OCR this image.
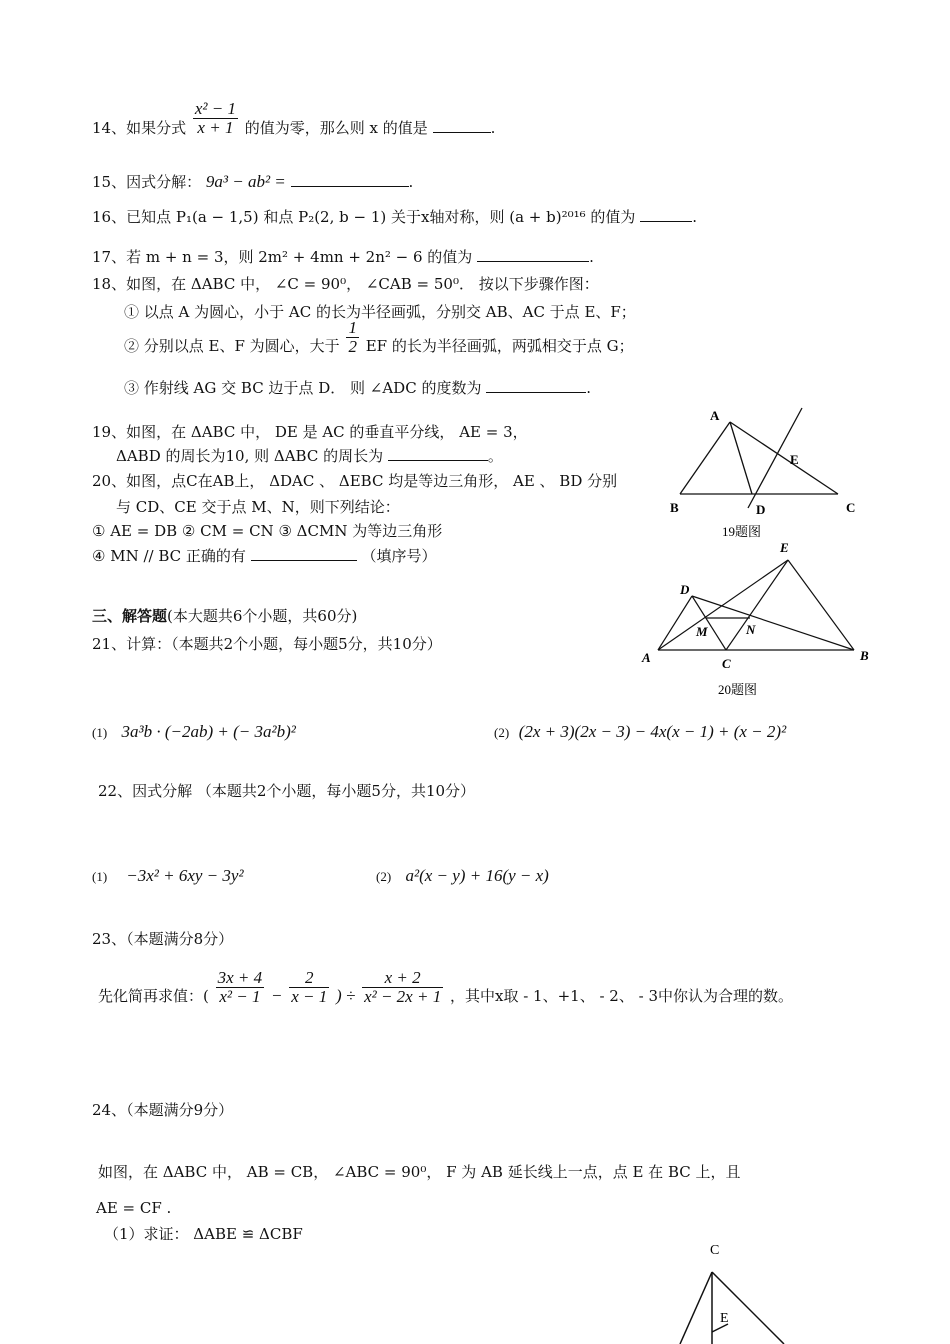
14、如果分式 $\frac{\text{x² − 1}}{x + 1}$ 的值为零，那么则 x 的值是	.
15、因式分解： 9a³ − ab² =	.
16、已知点 P₁(a − 1,5) 和点 P₂(2, b − 1) 关于x轴对称，则 (a + b)²⁰¹⁶ 的值为	.
17、若 m + n = 3，则 2m² + 4mn + 2n² − 6 的值为	.
18、如图，在 ΔABC 中， ∠C = 90⁰， ∠CAB = 50⁰． 按以下步骤作图：
① 以点 A 为圆心，小于 AC 的长为半径画弧，分别交 AB、AC 于点 E、F；
② 分别以点 E、F 为圆心，大于 $\frac{1}{2}$ EF 的长为半径画弧，两弧相交于点 G；
③ 作射线 AG 交 BC 边于点 D． 则 ∠ADC 的度数为	.
19、如图，在 ΔABC 中， DE 是 AC 的垂直平分线， AE = 3，
ΔABD 的周长为10, 则 ΔABC 的周长为	。
20、如图，点C在AB上， ΔDAC 、 ΔEBC 均是等边三角形， AE 、 BD 分别
与 CD、CE 交于点 M、N，则下列结论：
① AE = DB ② CM = CN ③ ΔCMN 为等边三角形
④ MN // BC 正确的有	（填序号）
A
B	C
D
E
19题图
E
D
M	N
A	C
B
20题图
三、解答题(本大题共6个小题，共60分)
21、计算：（本题共2个小题，每小题5分，共10分）
(1) 3a³b · (−2ab) + (− 3a²b)²	(2) (2x + 3)(2x − 3) − 4x(x − 1) + (x − 2)²
22、因式分解 （本题共2个小题，每小题5分，共10分）
(1) −3x² + 6xy − 3y²	(2) a²(x − y) + 16(y − x)
23、（本题满分8分）
先化简再求值：( $\frac{3x + 4}{\text{x² − 1}} - \frac{2}{x - 1}$ ) ÷ $\frac{x + 2}{\text{x² − 2x + 1}}$ ，其中x取 - 1、+1、 - 2、 - 3中你认为合理的数。
24、（本题满分9分）
如图，在 ΔABC 中， AB = CB， ∠ABC = 90⁰， F 为 AB 延长线上一点，点 E 在 BC 上，且
AE = CF .
（1）求证： ΔABE ≌ ΔCBF
C
E
